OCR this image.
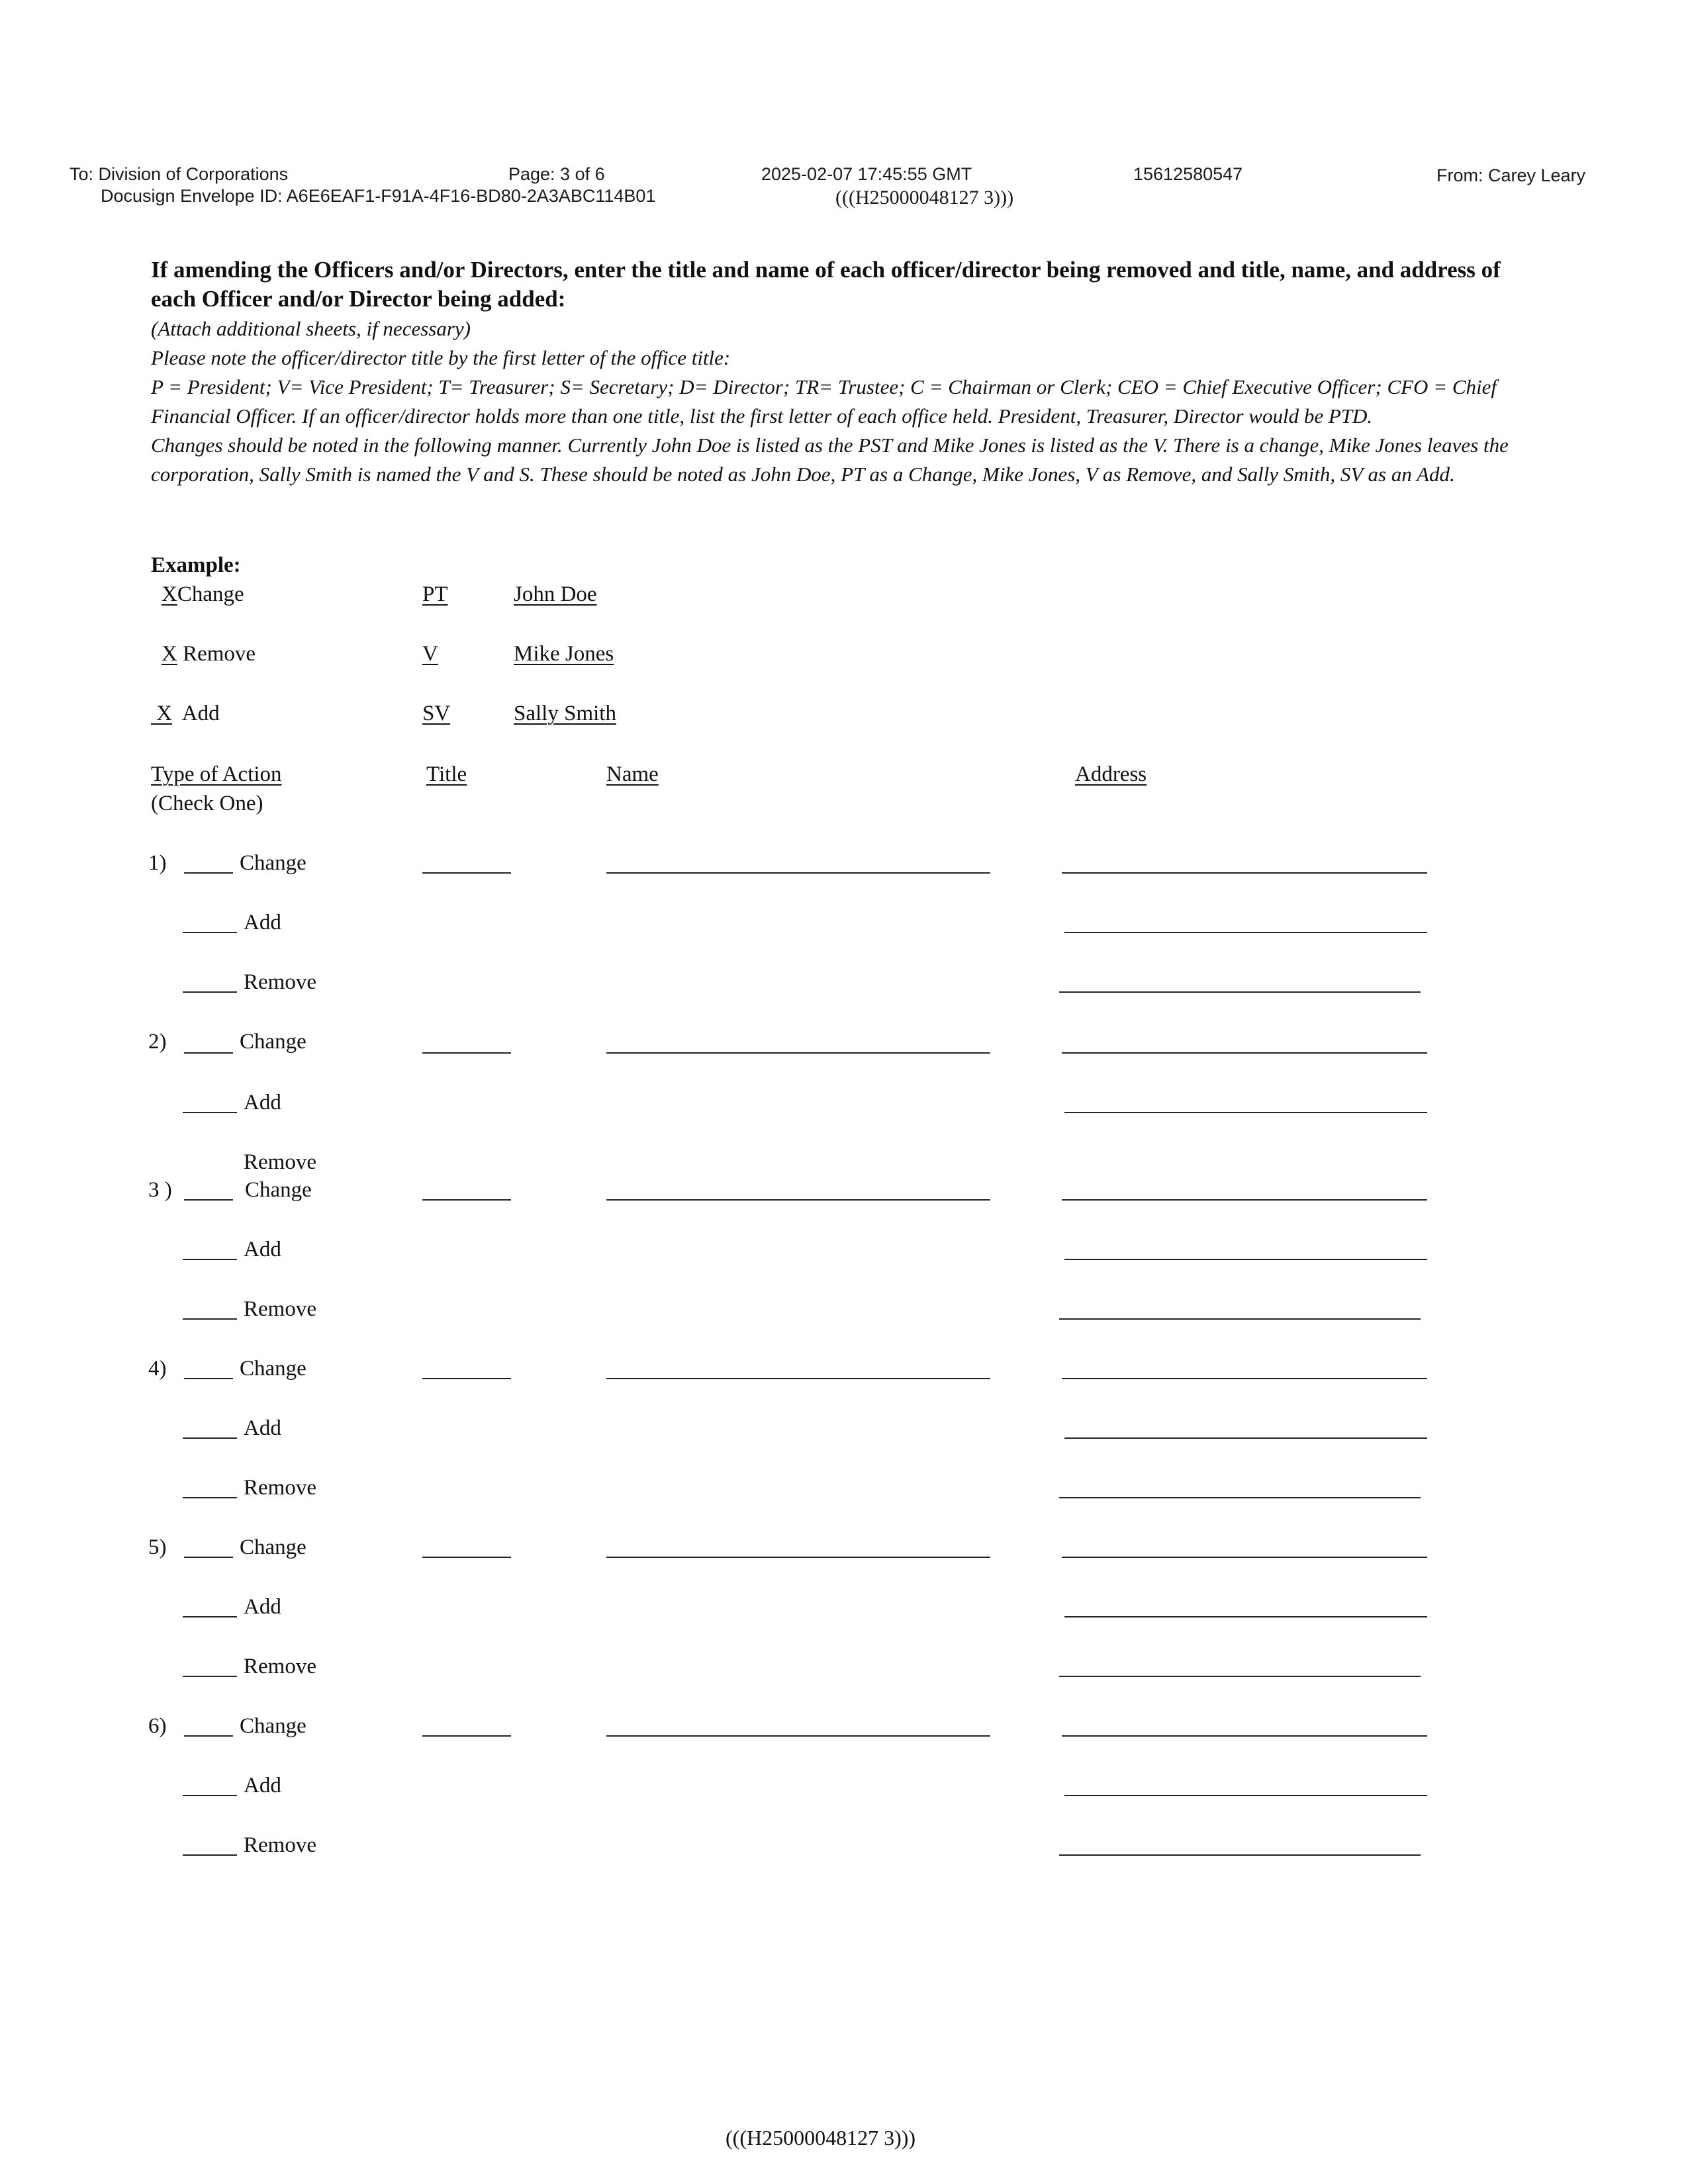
To: Division of Corporations	Page: 3 of 6	2025-02-07 17:45:55 GMT	15612580547	From: Carey Leary
Docusign Envelope ID: A6E6EAF1-F91A-4F16-BD80-2A3ABC114B01	(((H25000048127 3)))
If amending the Officers and/or Directors, enter the title and name of each officer/director being removed and title, name, and address of each Officer and/or Director being added:

(Attach additional sheets, if necessary)

Please note the officer/director title by the first letter of the office title:

P = President; V= Vice President; T= Treasurer; S= Secretary; D= Director; TR= Trustee; C = Chairman or Clerk; CEO = Chief Executive Officer; CFO = Chief Financial Officer. If an officer/director holds more than one title, list the first letter of each office held. President, Treasurer, Director would be PTD.

Changes should be noted in the following manner. Currently John Doe is listed as the PST and Mike Jones is listed as the V. There is a change, Mike Jones leaves the corporation, Sally Smith is named the V and S. These should be noted as John Doe, PT as a Change, Mike Jones, V as Remove, and Sally Smith, SV as an Add.

Example:
XChange	PT	John Doe
X Remove	V	Mike Jones
X Add	SV	Sally Smith
Type of Action
(Check One)
Title	Name	Address
1)	Change
Add
Remove
2)	Change
Add
Remove
3 )	Change
Add
Remove
4)	Change
Add
Remove
5)	Change
Add
Remove
6)	Change
Add
Remove
(((H25000048127 3)))
